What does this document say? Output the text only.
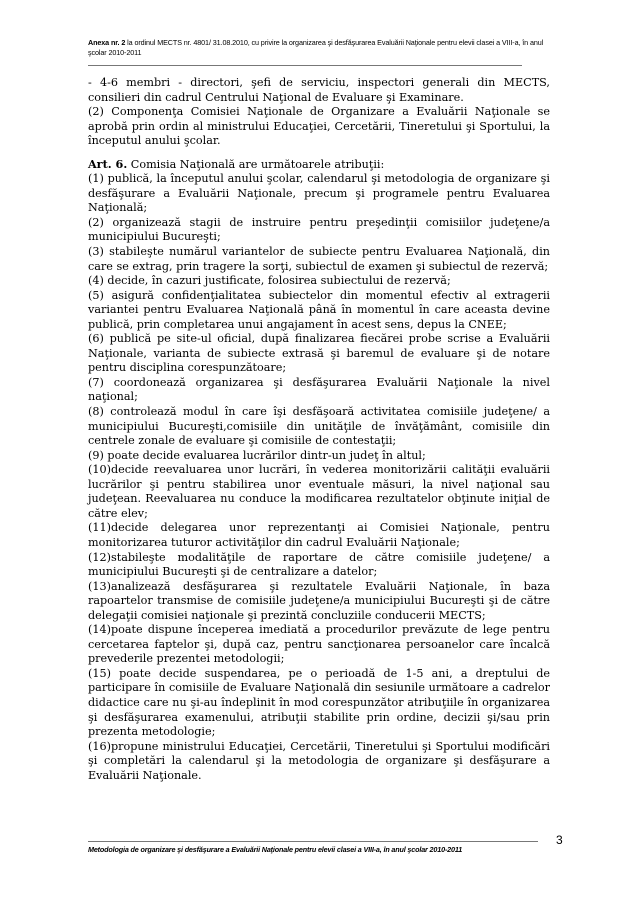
Anexa nr. 2 la ordinul MECTS nr. 4801/ 31.08.2010, cu privire la organizarea şi desfăşurarea Evaluării Naţionale pentru elevii clasei a VIII-a, în anul şcolar 2010-2011

- 4-6 membri - directori, şefi de serviciu, inspectori generali din MECTS, consilieri din cadrul Centrului Naţional de Evaluare şi Examinare.

(2) Componenţa Comisiei Naţionale de Organizare a Evaluării Naţionale se aprobă prin ordin al ministrului Educaţiei, Cercetării, Tineretului şi Sportului, la începutul anului şcolar.

Art. 6. Comisia Naţională are următoarele atribuţii:

(1) publică, la începutul anului şcolar, calendarul şi metodologia de organizare şi desfăşurare a Evaluării Naţionale, precum şi programele pentru Evaluarea Naţională;

(2) organizează stagii de instruire pentru preşedinţii comisiilor judeţene/a municipiului Bucureşti;

(3) stabileşte numărul variantelor de subiecte pentru Evaluarea Naţională, din care se extrag, prin tragere la sorţi, subiectul de examen şi subiectul de rezervă;

(4) decide, în cazuri justificate, folosirea subiectului de rezervă;

(5) asigură confidenţialitatea subiectelor din momentul efectiv al extragerii variantei pentru Evaluarea Naţională până în momentul în care aceasta devine publică, prin completarea unui angajament în acest sens, depus la CNEE;

(6) publică pe site-ul oficial, după finalizarea fiecărei probe scrise a Evaluării Naţionale, varianta de subiecte extrasă şi baremul de evaluare şi de notare pentru disciplina corespunzătoare;

(7) coordonează organizarea şi desfăşurarea Evaluării Naţionale la nivel naţional;

(8) controlează modul în care îşi desfăşoară activitatea comisiile judeţene/ a municipiului Bucureşti,comisiile din unităţile de învăţământ, comisiile din centrele zonale de evaluare şi comisiile de contestaţii;

(9) poate decide evaluarea lucrărilor dintr-un judeţ în altul;

(10)decide reevaluarea unor lucrări, în vederea monitorizării calităţii evaluării lucrărilor şi pentru stabilirea unor eventuale măsuri, la nivel naţional sau judeţean. Reevaluarea nu conduce la modificarea rezultatelor obţinute iniţial de către elev;

(11)decide delegarea unor reprezentanţi ai Comisiei Naţionale, pentru monitorizarea tuturor activităţilor din cadrul Evaluării Naţionale;

(12)stabileşte modalităţile de raportare de către comisiile judeţene/ a municipiului Bucureşti şi de centralizare a datelor;

(13)analizează desfăşurarea şi rezultatele Evaluării Naţionale, în baza rapoartelor transmise de comisiile judeţene/a municipiului Bucureşti şi de către delegaţii comisiei naţionale şi prezintă concluziile conducerii MECTS;

(14)poate dispune începerea imediată a procedurilor prevăzute de lege pentru cercetarea faptelor şi, după caz, pentru sancţionarea persoanelor care încalcă prevederile prezentei metodologii;

(15) poate decide suspendarea, pe o perioadă de 1-5 ani, a dreptului de participare în comisiile de Evaluare Naţională din sesiunile următoare a cadrelor didactice care nu şi-au îndeplinit în mod corespunzător atribuţiile în organizarea şi desfăşurarea examenului, atribuţii stabilite prin ordine, decizii şi/sau prin prezenta metodologie;

(16)propune ministrului Educaţiei, Cercetării, Tineretului şi Sportului modificări şi completări la calendarul şi la metodologia de organizare şi desfăşurare a Evaluării Naţionale.

Metodologia de organizare şi desfăşurare a Evaluării Naţionale pentru elevii clasei a VIII-a, în anul şcolar 2010-2011
3
